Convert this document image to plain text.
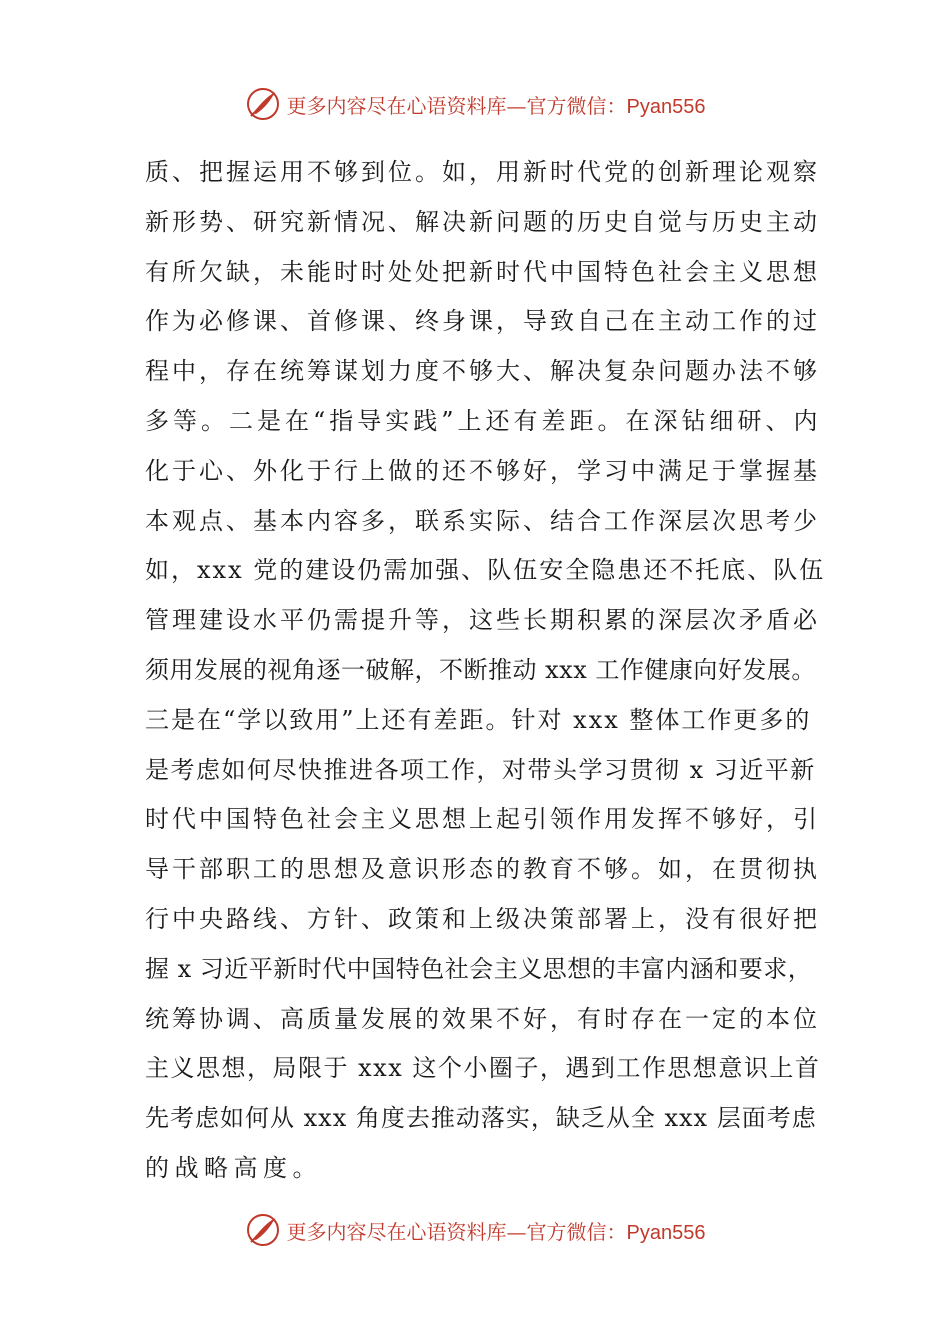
更多内容尽在心语资料库—官方微信：Pyan556
质、把握运用不够到位。如，用新时代党的创新理论观察
新形势、研究新情况、解决新问题的历史自觉与历史主动
有所欠缺，未能时时处处把新时代中国特色社会主义思想
作为必修课、首修课、终身课，导致自己在主动工作的过
程中，存在统筹谋划力度不够大、解决复杂问题办法不够
多等。二是在“指导实践”上还有差距。在深钻细研、内
化于心、外化于行上做的还不够好，学习中满足于掌握基
本观点、基本内容多，联系实际、结合工作深层次思考少
如，xxx 党的建设仍需加强、队伍安全隐患还不托底、队伍
管理建设水平仍需提升等，这些长期积累的深层次矛盾必
须用发展的视角逐一破解，不断推动 xxx 工作健康向好发展。
三是在“学以致用”上还有差距。针对 xxx 整体工作更多的
是考虑如何尽快推进各项工作，对带头学习贯彻 x 习近平新
时代中国特色社会主义思想上起引领作用发挥不够好，引
导干部职工的思想及意识形态的教育不够。如，在贯彻执
行中央路线、方针、政策和上级决策部署上，没有很好把
握 x 习近平新时代中国特色社会主义思想的丰富内涵和要求，
统筹协调、高质量发展的效果不好，有时存在一定的本位
主义思想，局限于 xxx 这个小圈子，遇到工作思想意识上首
先考虑如何从 xxx 角度去推动落实，缺乏从全 xxx 层面考虑
的战略高度。
更多内容尽在心语资料库—官方微信：Pyan556
